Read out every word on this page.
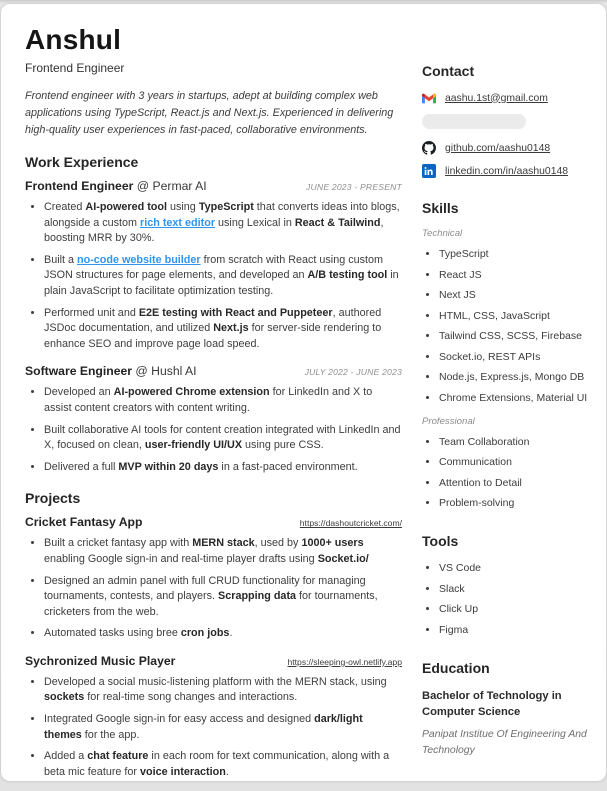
Anshul
Frontend Engineer
Frontend engineer with 3 years in startups, adept at building complex web applications using TypeScript, React.js and Next.js. Experienced in delivering high-quality user experiences in fast-paced, collaborative environments.
Work Experience
Frontend Engineer @ Permar AI	JUNE 2023 - PRESENT
• Created AI-powered tool using TypeScript that converts ideas into blogs, alongside a custom rich text editor using Lexical in React & Tailwind, boosting MRR by 30%.
• Built a no-code website builder from scratch with React using custom JSON structures for page elements, and developed an A/B testing tool in plain JavaScript to facilitate optimization testing.
• Performed unit and E2E testing with React and Puppeteer, authored JSDoc documentation, and utilized Next.js for server-side rendering to enhance SEO and improve page load speed.
Software Engineer @ Hushl AI	JULY 2022 - JUNE 2023
• Developed an AI-powered Chrome extension for LinkedIn and X to assist content creators with content writing.
• Built collaborative AI tools for content creation integrated with LinkedIn and X, focused on clean, user-friendly UI/UX using pure CSS.
• Delivered a full MVP within 20 days in a fast-paced environment.
Projects
Cricket Fantasy App	https://dashoutcricket.com/
• Built a cricket fantasy app with MERN stack, used by 1000+ users enabling Google sign-in and real-time player drafts using Socket.io/
• Designed an admin panel with full CRUD functionality for managing tournaments, contests, and players. Scrapping data for tournaments, cricketers from the web.
• Automated tasks using bree cron jobs.
Sychronized Music Player	https://sleeping-owl.netlify.app
• Developed a social music-listening platform with the MERN stack, using sockets for real-time song changes and interactions.
• Integrated Google sign-in for easy access and designed dark/light themes for the app.
• Added a chat feature in each room for text communication, along with a beta mic feature for voice interaction.
Contact
aashu.1st@gmail.com
github.com/aashu0148
linkedin.com/in/aashu0148
Skills
Technical
• TypeScript
• React JS
• Next JS
• HTML, CSS, JavaScript
• Tailwind CSS, SCSS, Firebase
• Socket.io, REST APIs
• Node.js, Express.js, Mongo DB
• Chrome Extensions, Material UI
Professional
• Team Collaboration
• Communication
• Attention to Detail
• Problem-solving
Tools
• VS Code
• Slack
• Click Up
• Figma
Education
Bachelor of Technology in Computer Science
Panipat Institue Of Engineering And Technology
